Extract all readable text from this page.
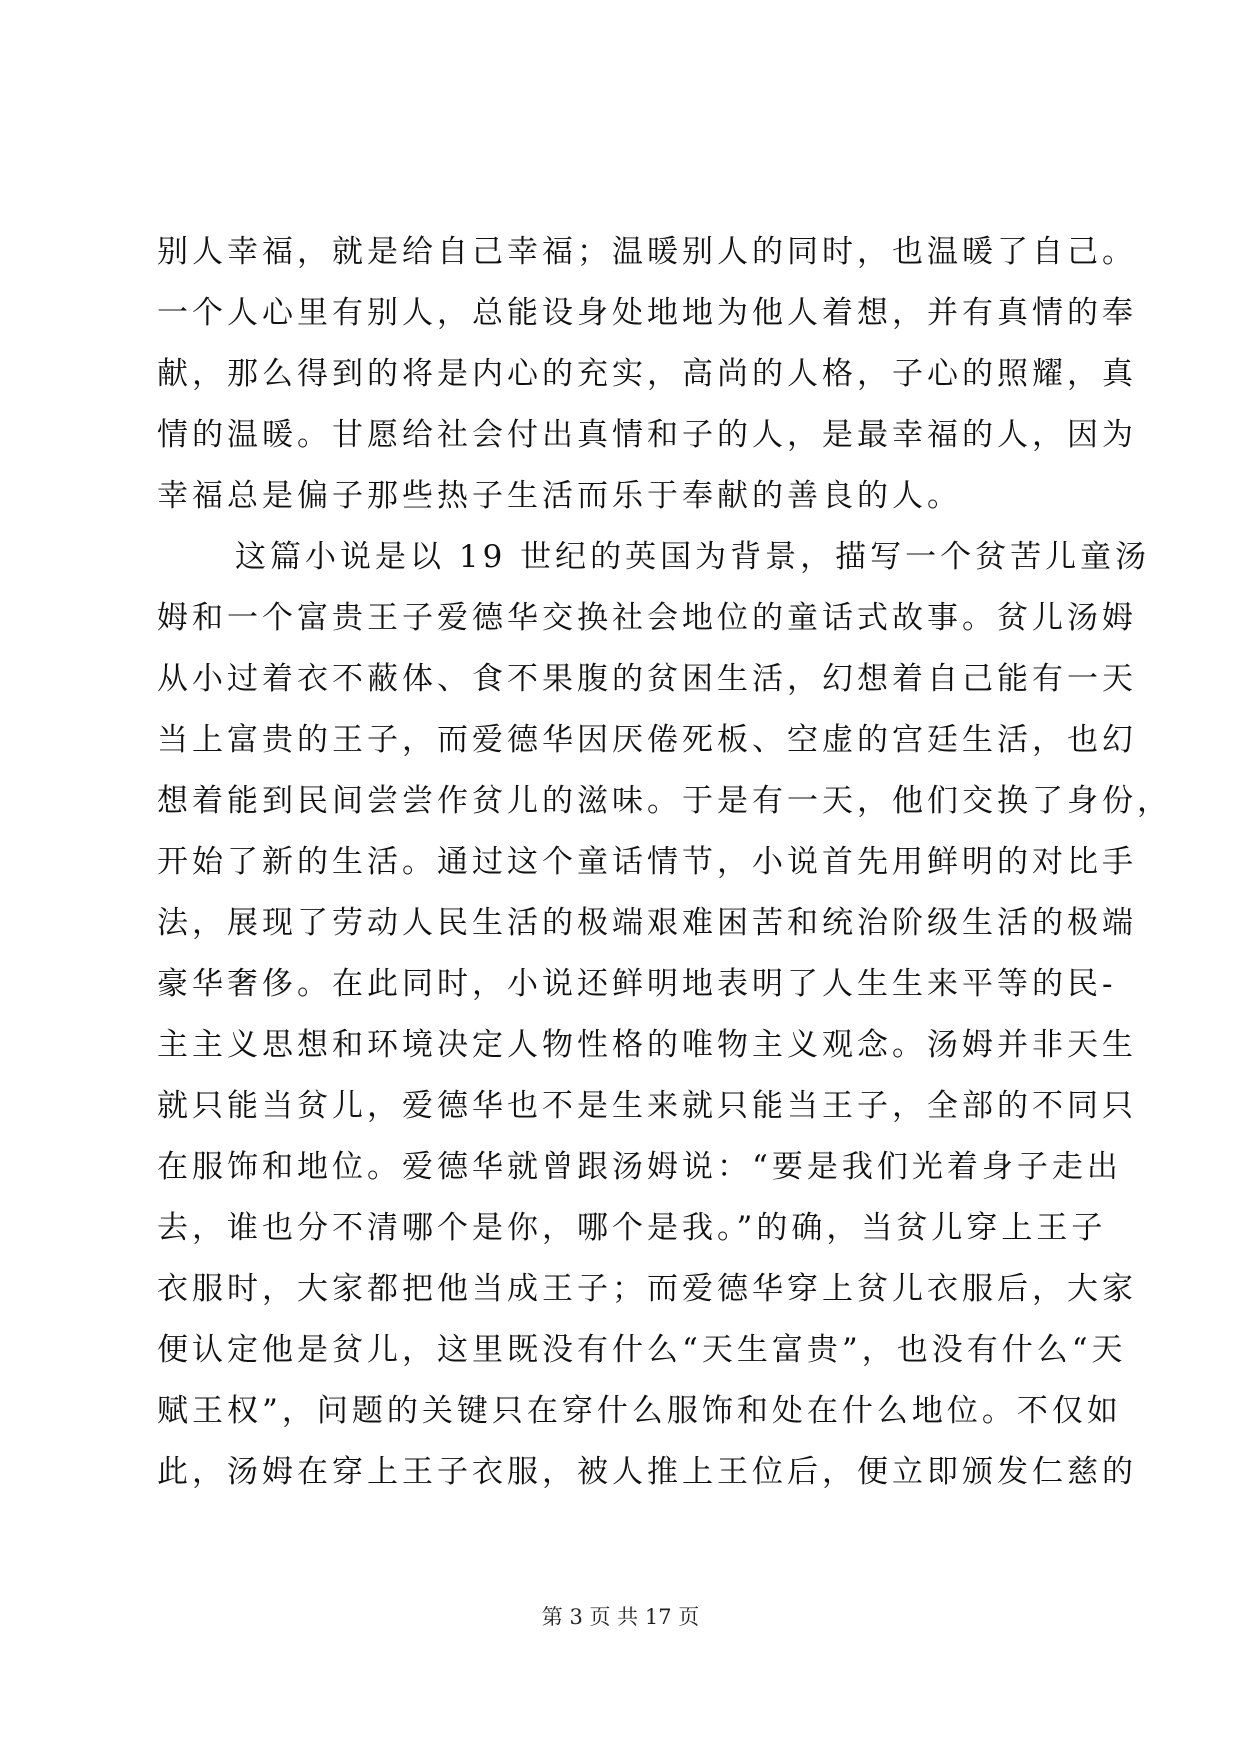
别人幸福，就是给自己幸福；温暖别人的同时，也温暖了自己。
一个人心里有别人，总能设身处地地为他人着想，并有真情的奉
献，那么得到的将是内心的充实，高尚的人格，子心的照耀，真
情的温暖。甘愿给社会付出真情和子的人，是最幸福的人，因为
幸福总是偏子那些热子生活而乐于奉献的善良的人。
这篇小说是以 19 世纪的英国为背景，描写一个贫苦儿童汤
姆和一个富贵王子爱德华交换社会地位的童话式故事。贫儿汤姆
从小过着衣不蔽体、食不果腹的贫困生活，幻想着自己能有一天
当上富贵的王子，而爱德华因厌倦死板、空虚的宫廷生活，也幻
想着能到民间尝尝作贫儿的滋味。于是有一天，他们交换了身份，
开始了新的生活。通过这个童话情节，小说首先用鲜明的对比手
法，展现了劳动人民生活的极端艰难困苦和统治阶级生活的极端
豪华奢侈。在此同时，小说还鲜明地表明了人生生来平等的民-
主主义思想和环境决定人物性格的唯物主义观念。汤姆并非天生
就只能当贫儿，爱德华也不是生来就只能当王子，全部的不同只
在服饰和地位。爱德华就曾跟汤姆说：“要是我们光着身子走出
去，谁也分不清哪个是你，哪个是我。”的确，当贫儿穿上王子
衣服时，大家都把他当成王子；而爱德华穿上贫儿衣服后，大家
便认定他是贫儿，这里既没有什么“天生富贵”，也没有什么“天
赋王权”，问题的关键只在穿什么服饰和处在什么地位。不仅如
此，汤姆在穿上王子衣服，被人推上王位后，便立即颁发仁慈的
第 3 页 共 17 页
